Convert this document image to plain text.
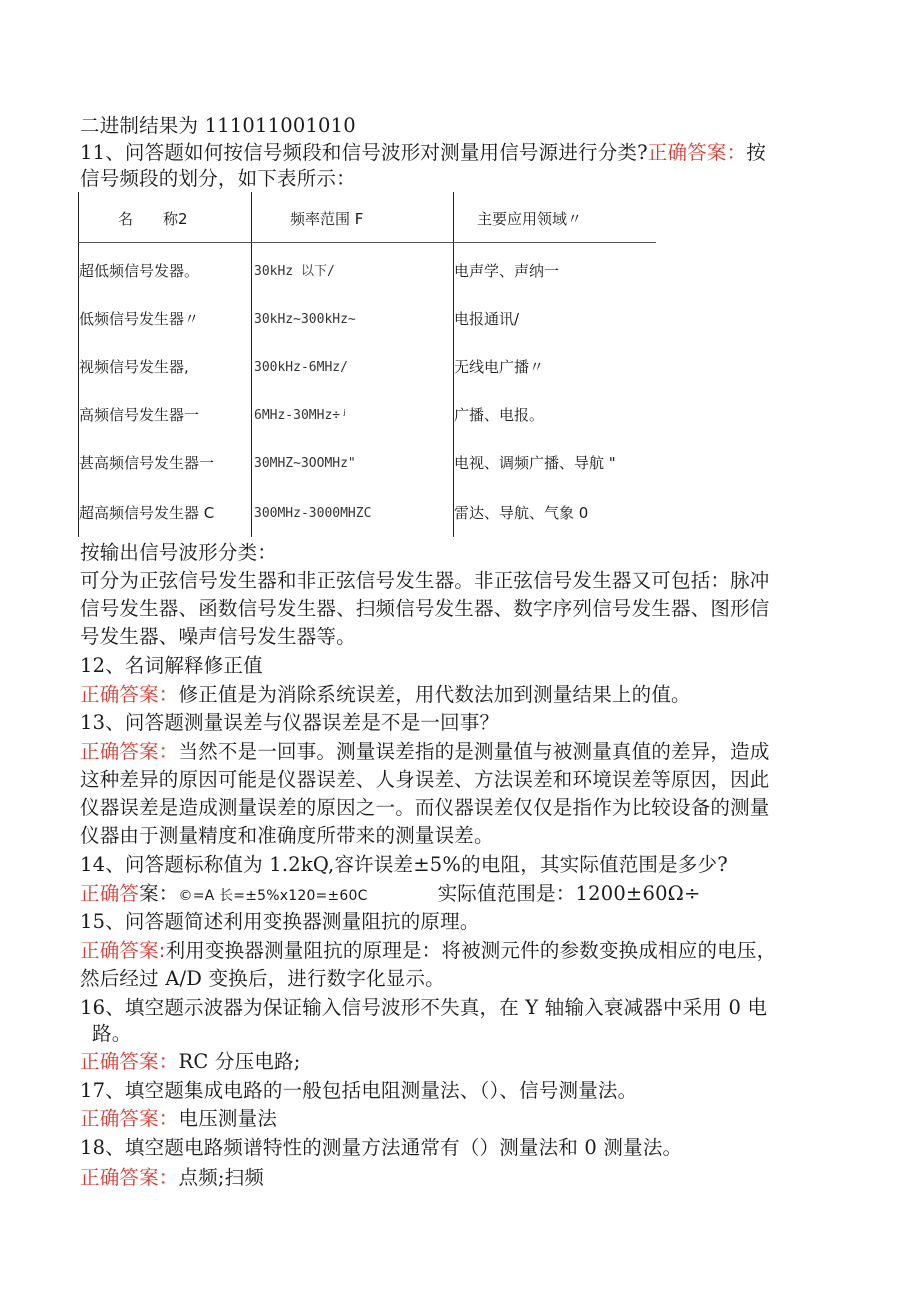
二进制结果为 111011001010
11、问答题如何按信号频段和信号波形对测量用信号源进行分类?正确答案：按
信号频段的划分，如下表所示：
名　　称2	频率范围 F	主要应用领域〃
超低频信号发器。	30kHz 以下/	电声学、声纳一
低频信号发生器〃	30kHz~300kHz~	电报通讯/
视频信号发生器,	300kHz-6MHz/	无线电广播〃
高频信号发生器一	6MHz-30MHz÷ʲ	广播、电报。
甚高频信号发生器一	30MHZ~3OOMHz"	电视、调频广播、导航 "
超高频信号发生器 C	300MHz-3000MHZC	雷达、导航、气象 0
按输出信号波形分类：
可分为正弦信号发生器和非正弦信号发生器。非正弦信号发生器又可包括：脉冲
信号发生器、函数信号发生器、扫频信号发生器、数字序列信号发生器、图形信
号发生器、噪声信号发生器等。
12、名词解释修正值
正确答案：修正值是为消除系统误差，用代数法加到测量结果上的值。
13、问答题测量误差与仪器误差是不是一回事？
正确答案：当然不是一回事。测量误差指的是测量值与被测量真值的差异，造成
这种差异的原因可能是仪器误差、人身误差、方法误差和环境误差等原因，因此
仪器误差是造成测量误差的原因之一。而仪器误差仅仅是指作为比较设备的测量
仪器由于测量精度和准确度所带来的测量误差。
14、问答题标称值为 1.2kQ,容许误差±5%的电阻，其实际值范围是多少?
正确答案：©=A 长=±5%x120=±60C	实际值范围是：1200±60Ω÷
15、问答题简述利用变换器测量阻抗的原理。
正确答案:利用变换器测量阻抗的原理是：将被测元件的参数变换成相应的电压，
然后经过 A/D 变换后，进行数字化显示。
16、填空题示波器为保证输入信号波形不失真，在 Y 轴输入衰减器中采用 0 电
路。
正确答案：RC 分压电路;
17、填空题集成电路的一般包括电阻测量法、（）、信号测量法。
正确答案：电压测量法
18、填空题电路频谱特性的测量方法通常有（）测量法和 0 测量法。
正确答案：点频;扫频
